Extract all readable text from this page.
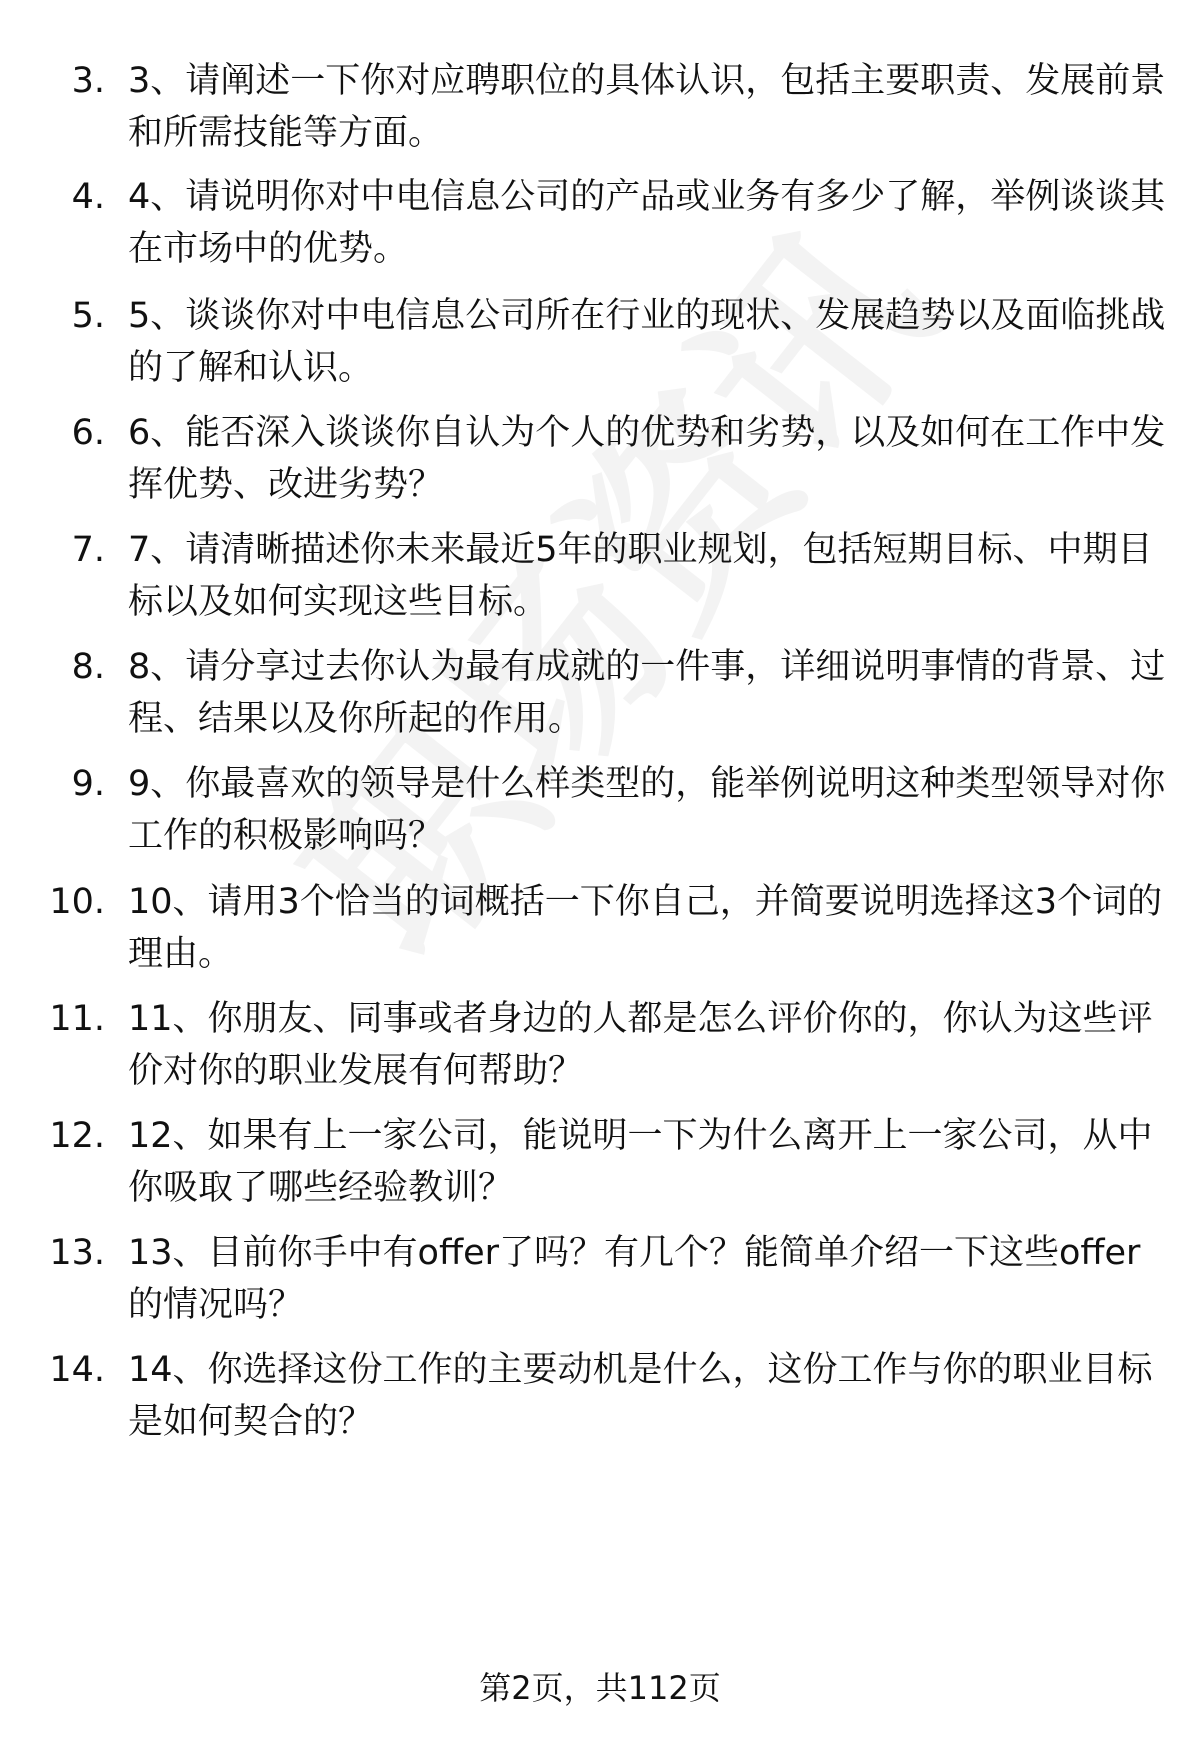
3. 3、请阐述一下你对应聘职位的具体认识，包括主要职责、发展前景和所需技能等方面。
4. 4、请说明你对中电信息公司的产品或业务有多少了解，举例谈谈其在市场中的优势。
5. 5、谈谈你对中电信息公司所在行业的现状、发展趋势以及面临挑战的了解和认识。
6. 6、能否深入谈谈你自认为个人的优势和劣势，以及如何在工作中发挥优势、改进劣势？
7. 7、请清晰描述你未来最近5年的职业规划，包括短期目标、中期目标以及如何实现这些目标。
8. 8、请分享过去你认为最有成就的一件事，详细说明事情的背景、过程、结果以及你所起的作用。
9. 9、你最喜欢的领导是什么样类型的，能举例说明这种类型领导对你工作的积极影响吗？
10. 10、请用3个恰当的词概括一下你自己，并简要说明选择这3个词的理由。
11. 11、你朋友、同事或者身边的人都是怎么评价你的，你认为这些评价对你的职业发展有何帮助？
12. 12、如果有上一家公司，能说明一下为什么离开上一家公司，从中你吸取了哪些经验教训？
13. 13、目前你手中有offer了吗？有几个？能简单介绍一下这些offer的情况吗？
14. 14、你选择这份工作的主要动机是什么，这份工作与你的职业目标是如何契合的？
第2页，共112页
